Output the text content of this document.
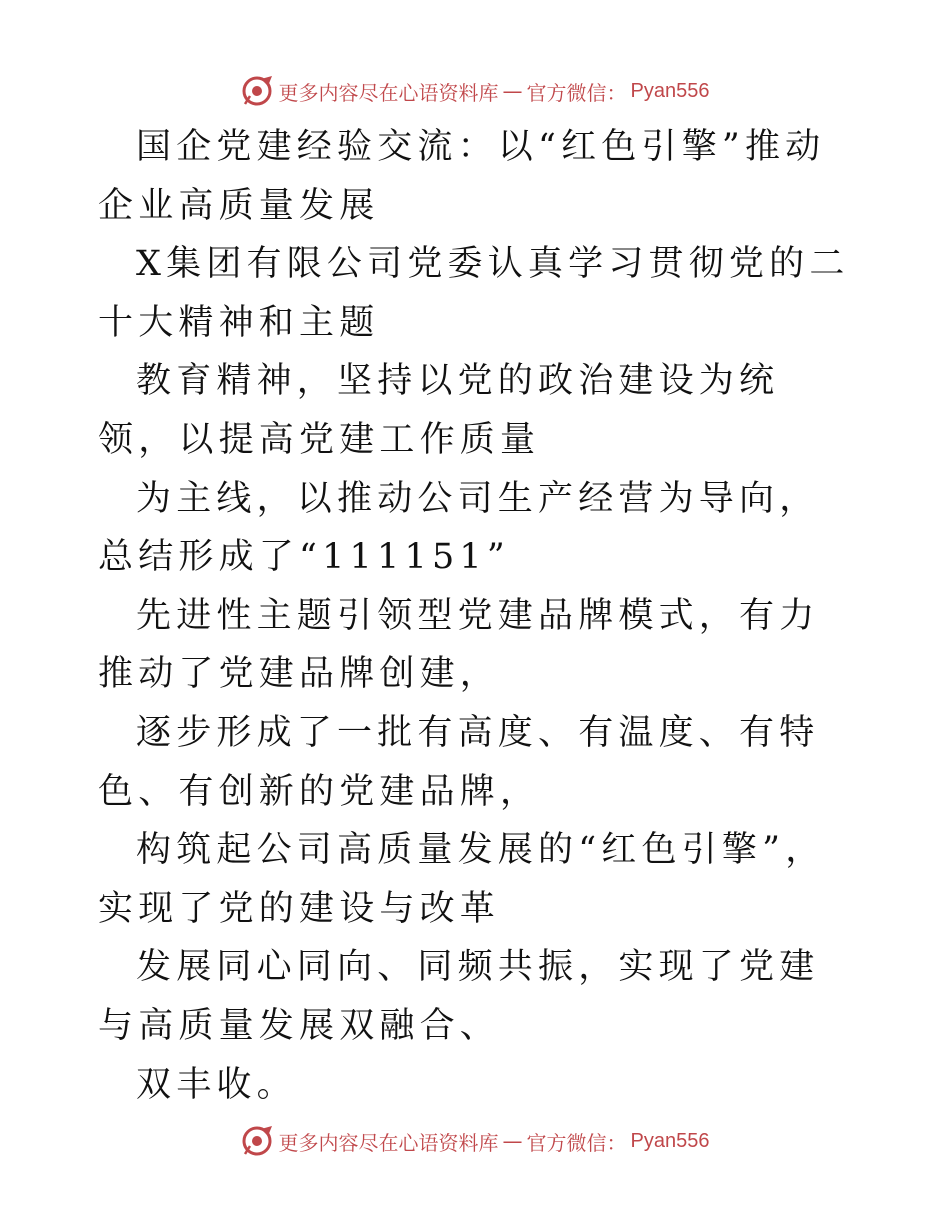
更多内容尽在心语资料库 — 官方微信： Pyan556

国企党建经验交流：以“红色引擎”推动企业高质量发展

X集团有限公司党委认真学习贯彻党的二十大精神和主题

教育精神，坚持以党的政治建设为统领，以提高党建工作质量

为主线，以推动公司生产经营为导向，总结形成了“111151”

先进性主题引领型党建品牌模式，有力推动了党建品牌创建，

逐步形成了一批有高度、有温度、有特色、有创新的党建品牌，

构筑起公司高质量发展的“红色引擎”，实现了党的建设与改革

发展同心同向、同频共振，实现了党建与高质量发展双融合、

双丰收。

更多内容尽在心语资料库 — 官方微信： Pyan556
